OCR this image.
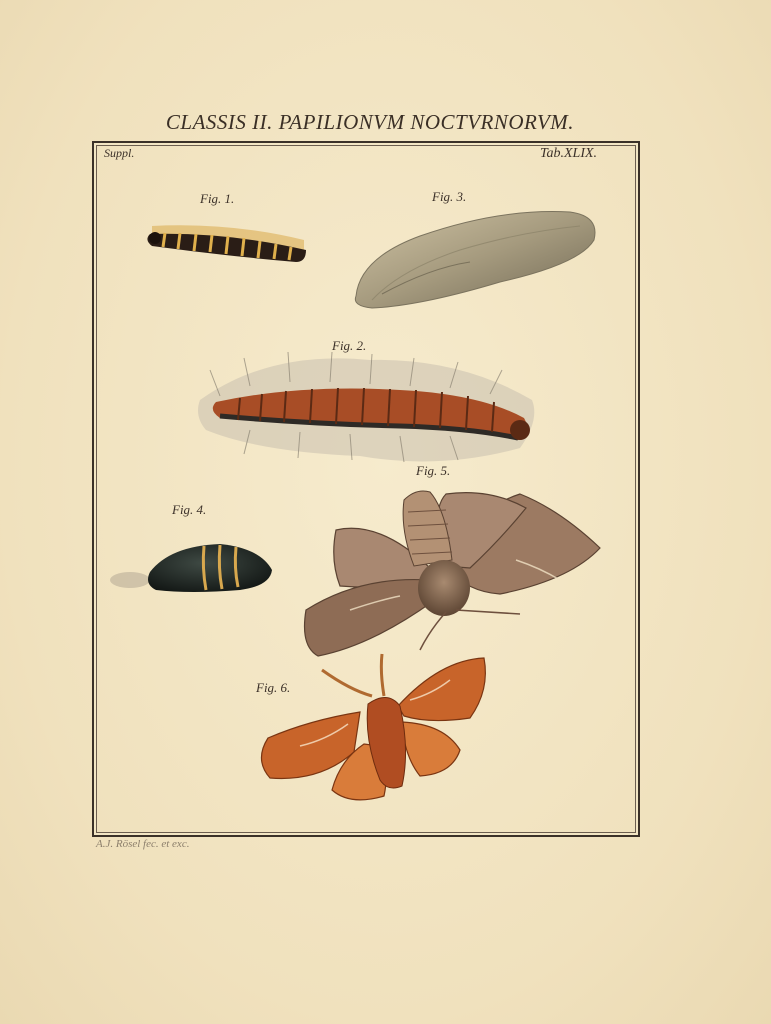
CLASSIS II. PAPILIONVM NOCTVRNORVM.
Suppl.	Tab.XLIX.
Fig. 1.	Fig. 3.
Fig. 2.
Fig. 5.
Fig. 4.
Fig. 6.
A.J. Rösel fec. et exc.
